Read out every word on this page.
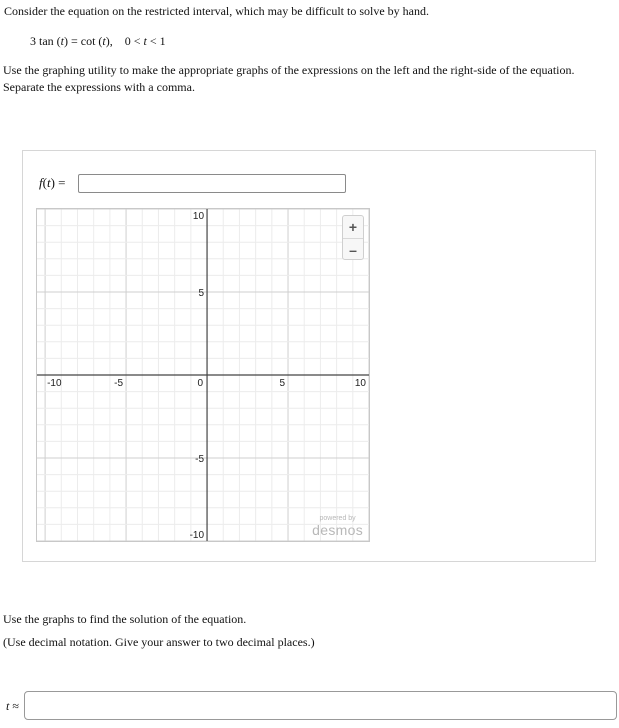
Consider the equation on the restricted interval, which may be difficult to solve by hand.
3 tan (t) = cot (t), 0 < t < 1
Use the graphing utility to make the appropriate graphs of the expressions on the left and the right-side of the equation. Separate the expressions with a comma.
f(t) =
-10	-5	0	5	10
10
5
-5
-10
+
–
powered by
desmos
Use the graphs to find the solution of the equation.
(Use decimal notation. Give your answer to two decimal places.)
t ≈
